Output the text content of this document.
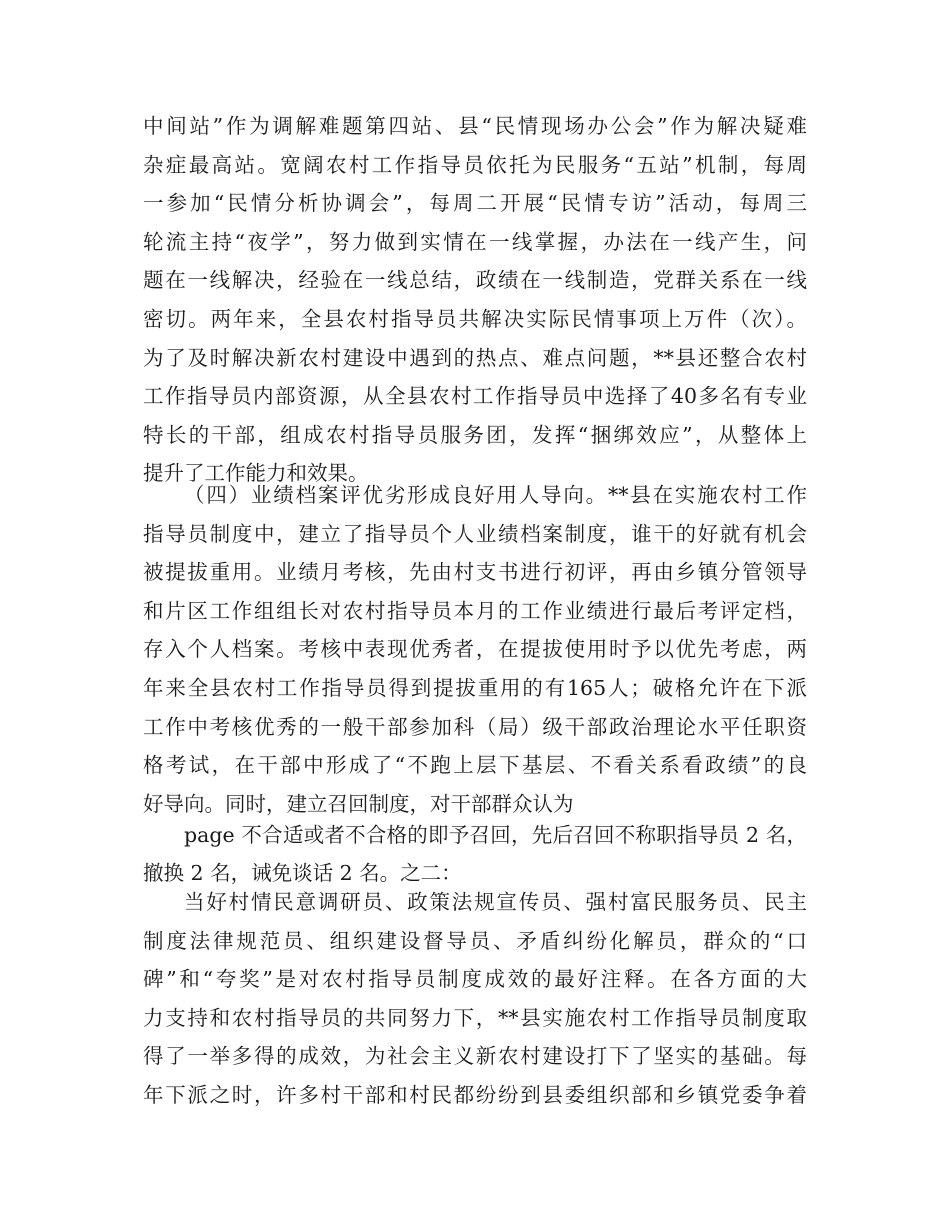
中间站”作为调解难题第四站、县“民情现场办公会”作为解决疑难
杂症最高站。宽阔农村工作指导员依托为民服务“五站”机制，每周
一参加“民情分析协调会”，每周二开展“民情专访”活动，每周三
轮流主持“夜学”，努力做到实情在一线掌握，办法在一线产生，问
题在一线解决，经验在一线总结，政绩在一线制造，党群关系在一线
密切。两年来，全县农村指导员共解决实际民情事项上万件（次）。
为了及时解决新农村建设中遇到的热点、难点问题，**县还整合农村
工作指导员内部资源，从全县农村工作指导员中选择了40多名有专业
特长的干部，组成农村指导员服务团，发挥“捆绑效应”，从整体上
提升了工作能力和效果。
（四）业绩档案评优劣形成良好用人导向。**县在实施农村工作
指导员制度中，建立了指导员个人业绩档案制度，谁干的好就有机会
被提拔重用。业绩月考核，先由村支书进行初评，再由乡镇分管领导
和片区工作组组长对农村指导员本月的工作业绩进行最后考评定档，
存入个人档案。考核中表现优秀者，在提拔使用时予以优先考虑，两
年来全县农村工作指导员得到提拔重用的有165人；破格允许在下派
工作中考核优秀的一般干部参加科（局）级干部政治理论水平任职资
格考试，在干部中形成了“不跑上层下基层、不看关系看政绩”的良
好导向。同时，建立召回制度，对干部群众认为
page 不合适或者不合格的即予召回，先后召回不称职指导员 2 名，
当好村情民意调研员、政策法规宣传员、强村富民服务员、民主
制度法律规范员、组织建设督导员、矛盾纠纷化解员，群众的“口
碑”和“夸奖”是对农村指导员制度成效的最好注释。在各方面的大
力支持和农村指导员的共同努力下，**县实施农村工作指导员制度取
得了一举多得的成效，为社会主义新农村建设打下了坚实的基础。每
年下派之时，许多村干部和村民都纷纷到县委组织部和乡镇党委争着
撤换 2 名，诫免谈话 2 名。之二：
